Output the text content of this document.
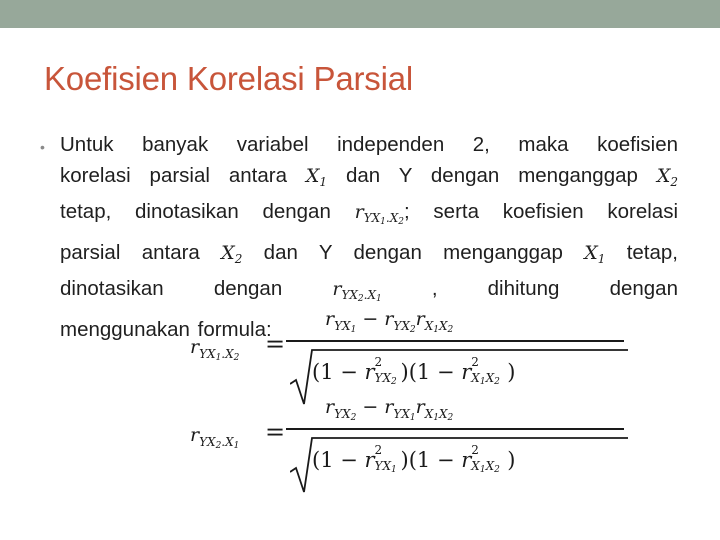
Koefisien Korelasi Parsial
• Untuk banyak variabel independen 2, maka koefisien
korelasi parsial antara $X_1$ dan Y dengan menganggap $X_2$
tetap, dinotasikan dengan $r_{YX_1.X_2}$; serta koefisien korelasi
parsial antara $X_2$ dan Y dengan menganggap $X_1$ tetap,
dinotasikan dengan	$r_{YX_2.X_1}$ , dihitung dengan
menggunakan formula:
$r_{YX_1.X_2}$ =
$r_{YX_1} - r_{YX_2}r_{X_1X_2}$
(1 − r 2
$YX_2$ )(1 − r 2
$X_1X_2$ )
$r_{YX_2.X_1}$ =
$r_{YX_2} - r_{YX_1}r_{X_1X_2}$
(1 − r 2
$YX_1$ )(1 − r 2
$X_1X_2$ )
